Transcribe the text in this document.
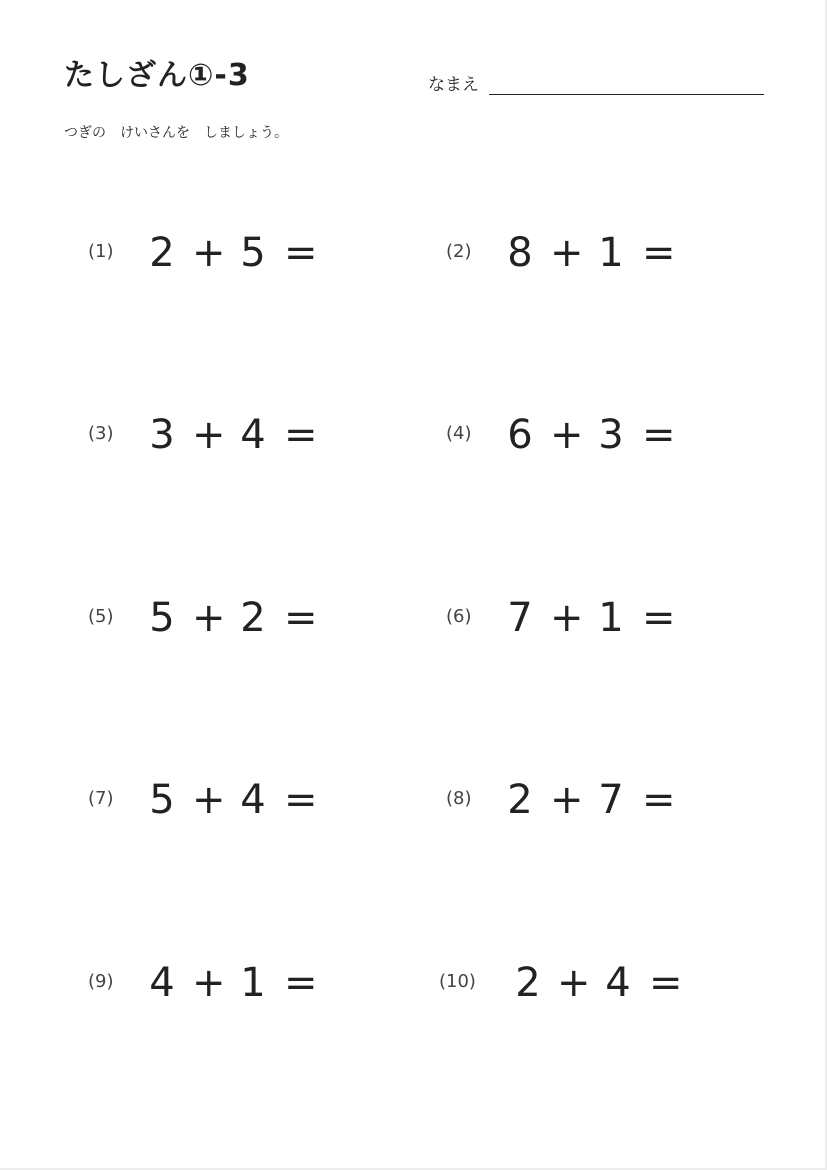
たしざん①-3	なまえ
つぎの　けいさんを　しましょう。
(1) 2 + 5 =	(2) 8 + 1 =
(3) 3 + 4 =	(4) 6 + 3 =
(5) 5 + 2 =	(6) 7 + 1 =
(7) 5 + 4 =	(8) 2 + 7 =
(9) 4 + 1 =	(10) 2 + 4 =
